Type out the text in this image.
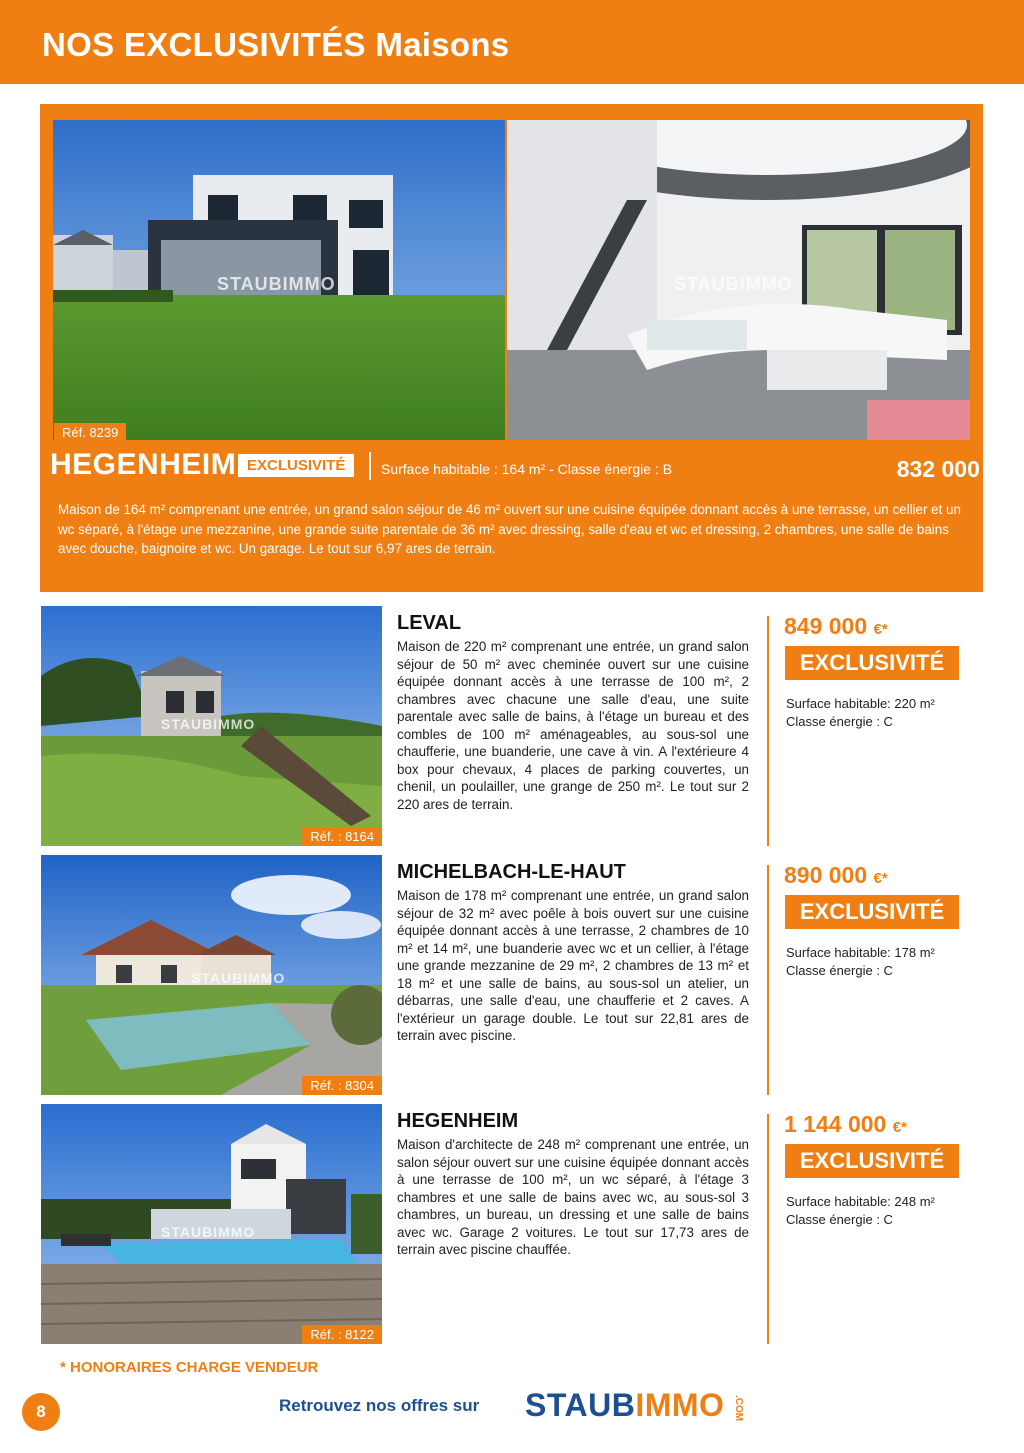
NOS EXCLUSIVITÉS Maisons
STAUBIMMO	STAUBIMMO
Réf. 8239
HEGENHEIM EXCLUSIVITÉ	Surface habitable : 164 m² - Classe énergie : B	832 000 €*
Maison de 164 m² comprenant une entrée, un grand salon séjour de 46 m² ouvert sur une cuisine équipée donnant accès à une terrasse, un cellier et un wc séparé, à l'étage une mezzanine, une grande suite parentale de 36 m² avec dressing, salle d'eau et wc et dressing, 2 chambres, une salle de bains avec douche, baignoire et wc. Un garage. Le tout sur 6,97 ares de terrain.
STAUBIMMO
Réf. : 8164
LEVAL
Maison de 220 m² comprenant une entrée, un grand salon séjour de 50 m² avec cheminée ouvert sur une cuisine équipée donnant accès à une terrasse de 100 m², 2 chambres avec chacune une salle d'eau, une suite parentale avec salle de bains, à l'étage un bureau et des combles de 100 m² aménageables, au sous-sol une chaufferie, une buanderie, une cave à vin. A l'extérieure 4 box pour chevaux, 4 places de parking couvertes, un chenil, un poulailler, une grange de 250 m². Le tout sur 2 220 ares de terrain.
849 000 €*
EXCLUSIVITÉ
Surface habitable: 220 m²
Classe énergie : C
STAUBIMMO
Réf. : 8304
MICHELBACH-LE-HAUT
Maison de 178 m² comprenant une entrée, un grand salon séjour de 32 m² avec poêle à bois ouvert sur une cuisine équipée donnant accès à une terrasse, 2 chambres de 10 m² et 14 m², une buanderie avec wc et un cellier, à l'étage une grande mezzanine de 29 m², 2 chambres de 13 m² et 18 m² et une salle de bains, au sous-sol un atelier, un débarras, une salle d'eau, une chaufferie et 2 caves. A l'extérieur un garage double. Le tout sur 22,81 ares de terrain avec piscine.
890 000 €*
EXCLUSIVITÉ
Surface habitable: 178 m²
Classe énergie : C
STAUBIMMO
Réf. : 8122
HEGENHEIM
Maison d'architecte de 248 m² comprenant une entrée, un salon séjour ouvert sur une cuisine équipée donnant accès à une terrasse de 100 m², un wc séparé, à l'étage 3 chambres et une salle de bains avec wc, au sous-sol 3 chambres, un bureau, un dressing et une salle de bains avec wc. Garage 2 voitures. Le tout sur 17,73 ares de terrain avec piscine chauffée.
1 144 000 €*
EXCLUSIVITÉ
Surface habitable: 248 m²
Classe énergie : C
* HONORAIRES CHARGE VENDEUR
8	Retrouvez nos offres sur STAUBIMMO .COM
